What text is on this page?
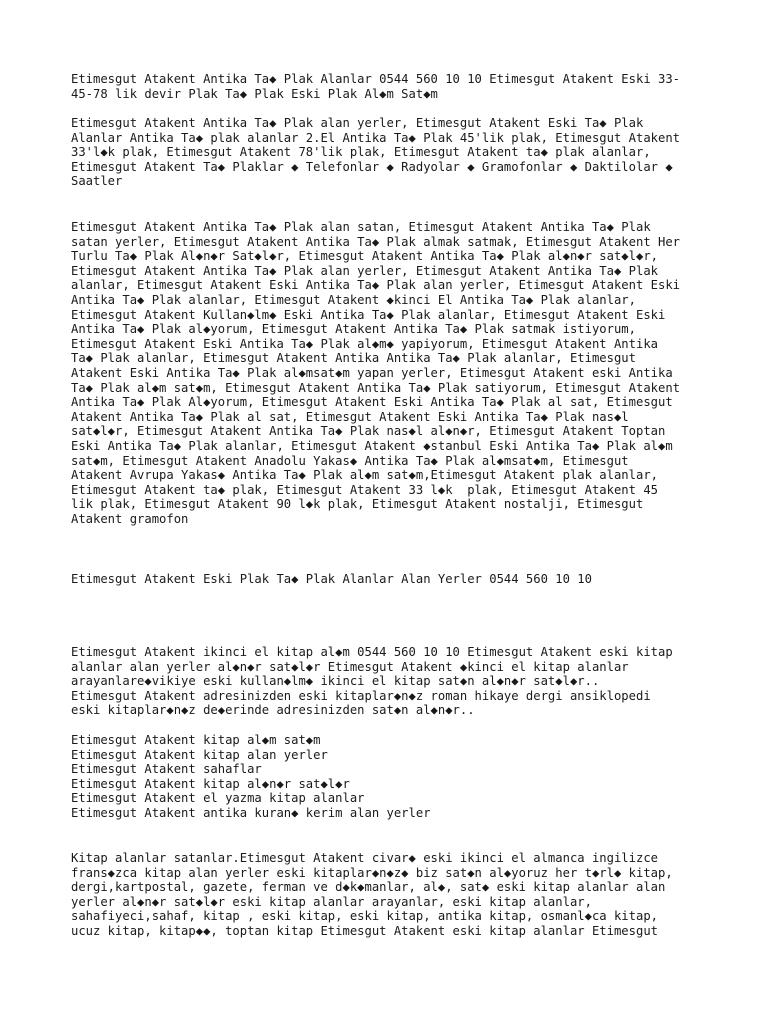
Etimesgut Atakent Antika Ta◆ Plak Alanlar 0544 560 10 10 Etimesgut Atakent Eski 33-
45-78 lik devir Plak Ta◆ Plak Eski Plak Al◆m Sat◆m

Etimesgut Atakent Antika Ta◆ Plak alan yerler, Etimesgut Atakent Eski Ta◆ Plak
Alanlar Antika Ta◆ plak alanlar 2.El Antika Ta◆ Plak 45'lik plak, Etimesgut Atakent
33'l◆k plak, Etimesgut Atakent 78'lik plak, Etimesgut Atakent ta◆ plak alanlar,
Etimesgut Atakent Ta◆ Plaklar ◆ Telefonlar ◆ Radyolar ◆ Gramofonlar ◆ Daktilolar ◆
Saatler

Etimesgut Atakent Antika Ta◆ Plak alan satan, Etimesgut Atakent Antika Ta◆ Plak
satan yerler, Etimesgut Atakent Antika Ta◆ Plak almak satmak, Etimesgut Atakent Her
Turlu Ta◆ Plak Al◆n◆r Sat◆l◆r, Etimesgut Atakent Antika Ta◆ Plak al◆n◆r sat◆l◆r,
Etimesgut Atakent Antika Ta◆ Plak alan yerler, Etimesgut Atakent Antika Ta◆ Plak
alanlar, Etimesgut Atakent Eski Antika Ta◆ Plak alan yerler, Etimesgut Atakent Eski
Antika Ta◆ Plak alanlar, Etimesgut Atakent ◆kinci El Antika Ta◆ Plak alanlar,
Etimesgut Atakent Kullan◆lm◆ Eski Antika Ta◆ Plak alanlar, Etimesgut Atakent Eski
Antika Ta◆ Plak al◆yorum, Etimesgut Atakent Antika Ta◆ Plak satmak istiyorum,
Etimesgut Atakent Eski Antika Ta◆ Plak al◆m◆ yapiyorum, Etimesgut Atakent Antika
Ta◆ Plak alanlar, Etimesgut Atakent Antika Antika Ta◆ Plak alanlar, Etimesgut
Atakent Eski Antika Ta◆ Plak al◆msat◆m yapan yerler, Etimesgut Atakent eski Antika
Ta◆ Plak al◆m sat◆m, Etimesgut Atakent Antika Ta◆ Plak satiyorum, Etimesgut Atakent
Antika Ta◆ Plak Al◆yorum, Etimesgut Atakent Eski Antika Ta◆ Plak al sat, Etimesgut
Atakent Antika Ta◆ Plak al sat, Etimesgut Atakent Eski Antika Ta◆ Plak nas◆l
sat◆l◆r, Etimesgut Atakent Antika Ta◆ Plak nas◆l al◆n◆r, Etimesgut Atakent Toptan
Eski Antika Ta◆ Plak alanlar, Etimesgut Atakent ◆stanbul Eski Antika Ta◆ Plak al◆m
sat◆m, Etimesgut Atakent Anadolu Yakas◆ Antika Ta◆ Plak al◆msat◆m, Etimesgut
Atakent Avrupa Yakas◆ Antika Ta◆ Plak al◆m sat◆m,Etimesgut Atakent plak alanlar,
Etimesgut Atakent ta◆ plak, Etimesgut Atakent 33 l◆k  plak, Etimesgut Atakent 45
lik plak, Etimesgut Atakent 90 l◆k plak, Etimesgut Atakent nostalji, Etimesgut
Atakent gramofon

Etimesgut Atakent Eski Plak Ta◆ Plak Alanlar Alan Yerler 0544 560 10 10

Etimesgut Atakent ikinci el kitap al◆m 0544 560 10 10 Etimesgut Atakent eski kitap
alanlar alan yerler al◆n◆r sat◆l◆r Etimesgut Atakent ◆kinci el kitap alanlar
arayanlare◆vikiye eski kullan◆lm◆ ikinci el kitap sat◆n al◆n◆r sat◆l◆r..
Etimesgut Atakent adresinizden eski kitaplar◆n◆z roman hikaye dergi ansiklopedi
eski kitaplar◆n◆z de◆erinde adresinizden sat◆n al◆n◆r..

Etimesgut Atakent kitap al◆m sat◆m
Etimesgut Atakent kitap alan yerler
Etimesgut Atakent sahaflar
Etimesgut Atakent kitap al◆n◆r sat◆l◆r
Etimesgut Atakent el yazma kitap alanlar
Etimesgut Atakent antika kuran◆ kerim alan yerler

Kitap alanlar satanlar.Etimesgut Atakent civar◆ eski ikinci el almanca ingilizce
frans◆zca kitap alan yerler eski kitaplar◆n◆z◆ biz sat◆n al◆yoruz her t◆rl◆ kitap,
dergi,kartpostal, gazete, ferman ve d◆k◆manlar, al◆, sat◆ eski kitap alanlar alan
yerler al◆n◆r sat◆l◆r eski kitap alanlar arayanlar, eski kitap alanlar,
sahafiyeci,sahaf, kitap , eski kitap, eski kitap, antika kitap, osmanl◆ca kitap,
ucuz kitap, kitap◆◆, toptan kitap Etimesgut Atakent eski kitap alanlar Etimesgut
